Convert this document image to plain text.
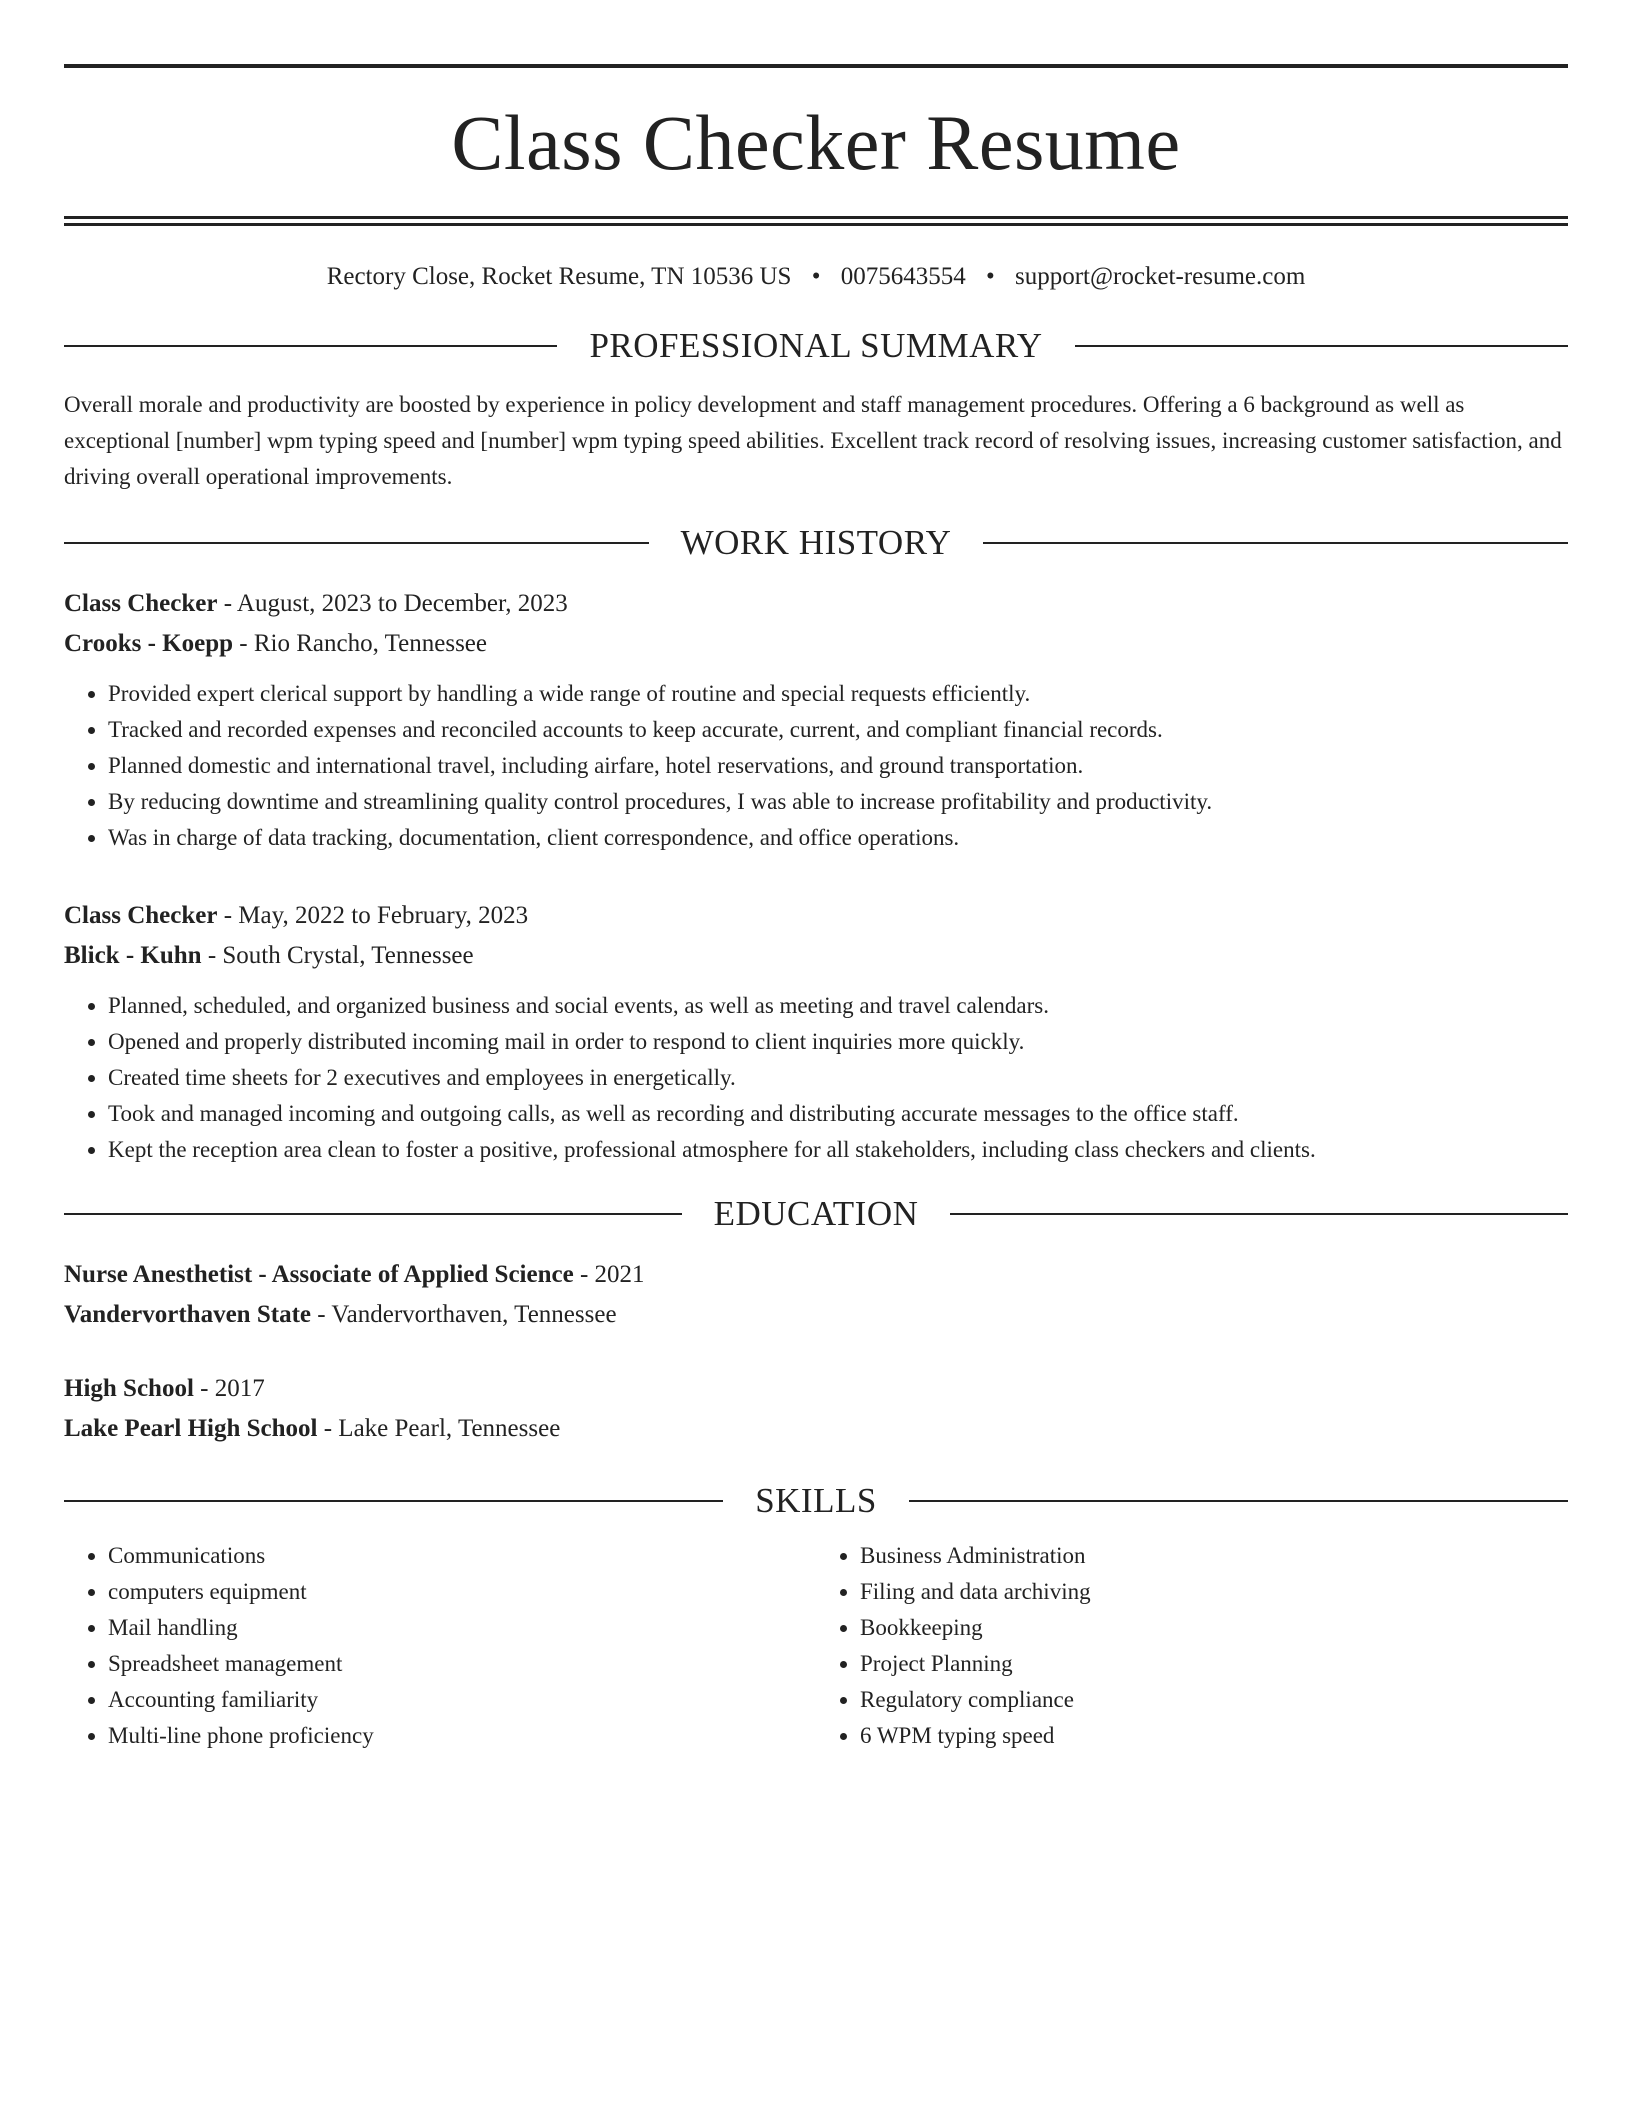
Class Checker Resume
Rectory Close, Rocket Resume, TN 10536 US • 0075643554 • support@rocket-resume.com
PROFESSIONAL SUMMARY

Overall morale and productivity are boosted by experience in policy development and staff management procedures. Offering a 6 background as well as exceptional [number] wpm typing speed and [number] wpm typing speed abilities. Excellent track record of resolving issues, increasing customer satisfaction, and driving overall operational improvements.

WORK HISTORY
Class Checker - August, 2023 to December, 2023
Crooks - Koepp - Rio Rancho, Tennessee
• Provided expert clerical support by handling a wide range of routine and special requests efficiently.
• Tracked and recorded expenses and reconciled accounts to keep accurate, current, and compliant financial records.
• Planned domestic and international travel, including airfare, hotel reservations, and ground transportation.
• By reducing downtime and streamlining quality control procedures, I was able to increase profitability and productivity.
• Was in charge of data tracking, documentation, client correspondence, and office operations.
Class Checker - May, 2022 to February, 2023
Blick - Kuhn - South Crystal, Tennessee
• Planned, scheduled, and organized business and social events, as well as meeting and travel calendars.
• Opened and properly distributed incoming mail in order to respond to client inquiries more quickly.
• Created time sheets for 2 executives and employees in energetically.
• Took and managed incoming and outgoing calls, as well as recording and distributing accurate messages to the office staff.
• Kept the reception area clean to foster a positive, professional atmosphere for all stakeholders, including class checkers and clients.
EDUCATION
Nurse Anesthetist - Associate of Applied Science - 2021
Vandervorthaven State - Vandervorthaven, Tennessee
High School - 2017
Lake Pearl High School - Lake Pearl, Tennessee
SKILLS
• Communications
• computers equipment
• Mail handling
• Spreadsheet management
• Accounting familiarity
• Multi-line phone proficiency
• Business Administration
• Filing and data archiving
• Bookkeeping
• Project Planning
• Regulatory compliance
• 6 WPM typing speed
